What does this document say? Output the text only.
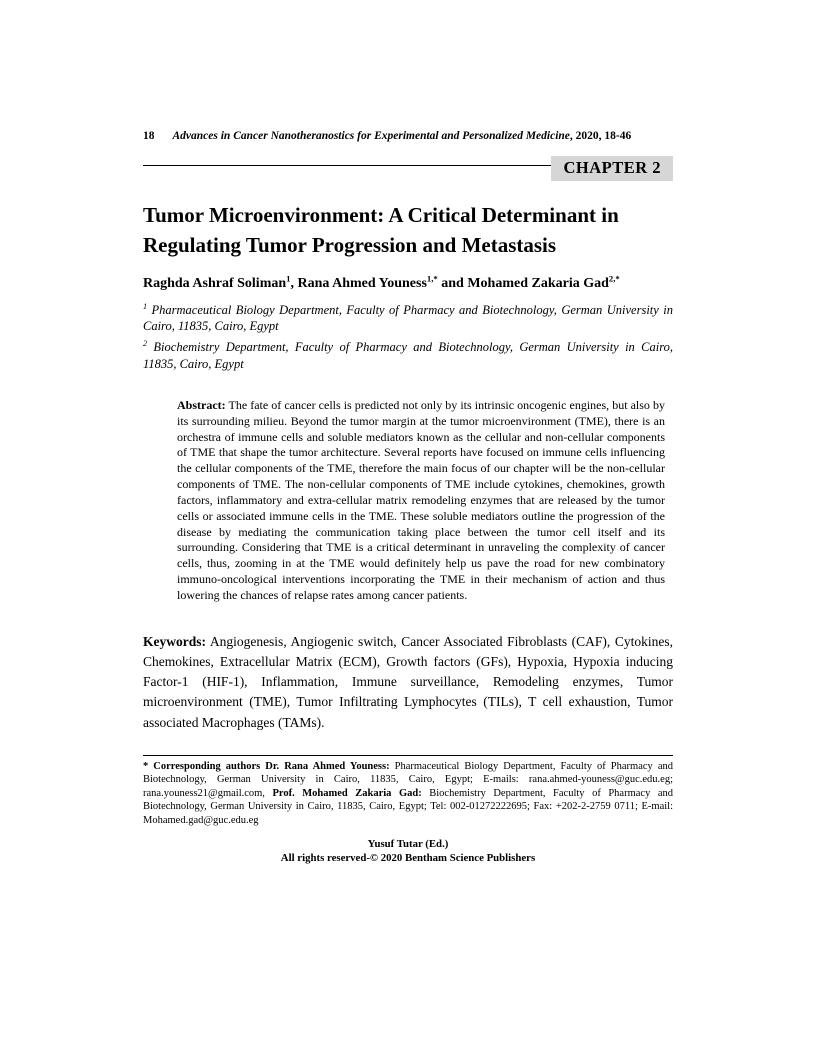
18 Advances in Cancer Nanotheranostics for Experimental and Personalized Medicine, 2020, 18-46
CHAPTER 2
Tumor Microenvironment: A Critical Determinant in Regulating Tumor Progression and Metastasis

Raghda Ashraf Soliman$^1$, Rana Ahmed Youness$^{1,*}$ and Mohamed Zakaria Gad$^{2,*}$

$^1$ Pharmaceutical Biology Department, Faculty of Pharmacy and Biotechnology, German University in Cairo, 11835, Cairo, Egypt

$^2$ Biochemistry Department, Faculty of Pharmacy and Biotechnology, German University in Cairo, 11835, Cairo, Egypt

Abstract: The fate of cancer cells is predicted not only by its intrinsic oncogenic engines, but also by its surrounding milieu. Beyond the tumor margin at the tumor microenvironment (TME), there is an orchestra of immune cells and soluble mediators known as the cellular and non-cellular components of TME that shape the tumor architecture. Several reports have focused on immune cells influencing the cellular components of the TME, therefore the main focus of our chapter will be the non-cellular components of TME. The non-cellular components of TME include cytokines, chemokines, growth factors, inflammatory and extra-cellular matrix remodeling enzymes that are released by the tumor cells or associated immune cells in the TME. These soluble mediators outline the progression of the disease by mediating the communication taking place between the tumor cell itself and its surrounding. Considering that TME is a critical determinant in unraveling the complexity of cancer cells, thus, zooming in at the TME would definitely help us pave the road for new combinatory immuno-oncological interventions incorporating the TME in their mechanism of action and thus lowering the chances of relapse rates among cancer patients.
Keywords: Angiogenesis, Angiogenic switch, Cancer Associated Fibroblasts (CAF), Cytokines, Chemokines, Extracellular Matrix (ECM), Growth factors (GFs), Hypoxia, Hypoxia inducing Factor-1 (HIF-1), Inflammation, Immune surveillance, Remodeling enzymes, Tumor microenvironment (TME), Tumor Infiltrating Lymphocytes (TILs), T cell exhaustion, Tumor associated Macrophages (TAMs).
* Corresponding authors Dr. Rana Ahmed Youness: Pharmaceutical Biology Department, Faculty of Pharmacy and Biotechnology, German University in Cairo, 11835, Cairo, Egypt; E-mails: rana.ahmed-youness@guc.edu.eg; rana.youness21@gmail.com, Prof. Mohamed Zakaria Gad: Biochemistry Department, Faculty of Pharmacy and Biotechnology, German University in Cairo, 11835, Cairo, Egypt; Tel: 002-01272222695; Fax: +202-2-2759 0711; E-mail: Mohamed.gad@guc.edu.eg
Yusuf Tutar (Ed.)
All rights reserved-© 2020 Bentham Science Publishers
